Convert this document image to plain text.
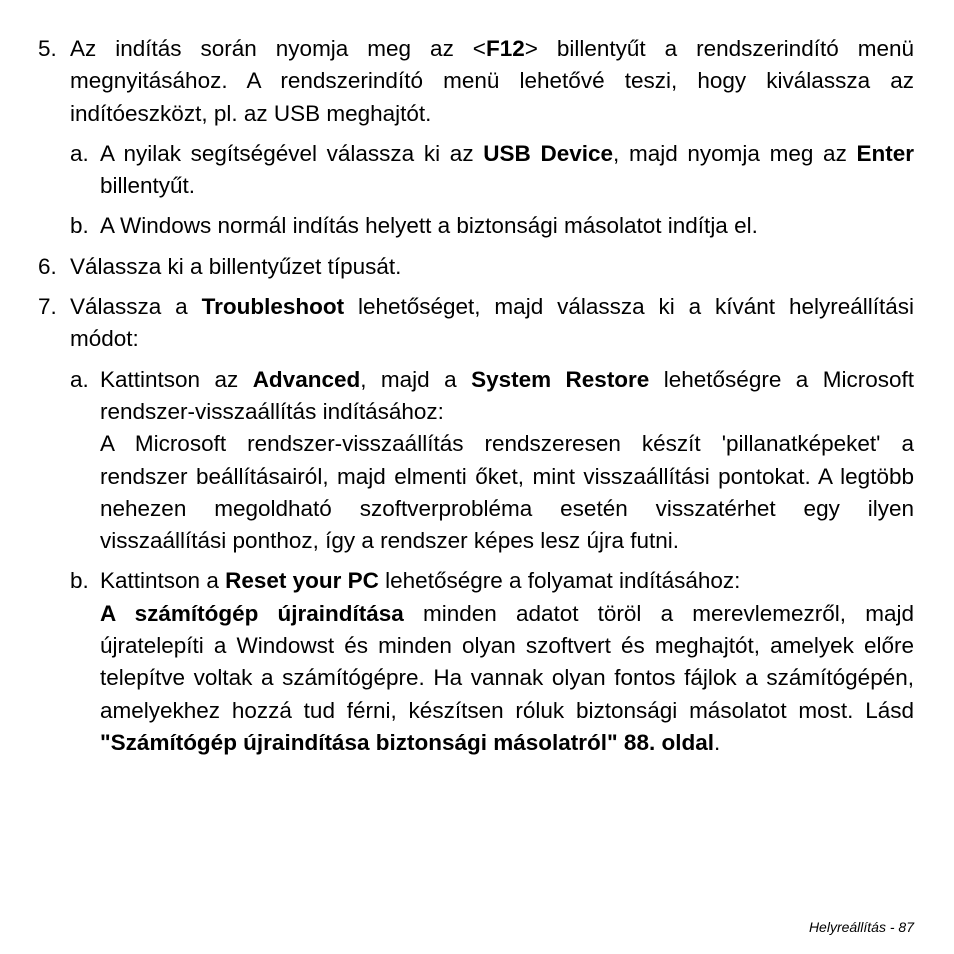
5. Az indítás során nyomja meg az <F12> billentyűt a rendszerindító menü megnyitásához. A rendszerindító menü lehetővé teszi, hogy kiválassza az indítóeszközt, pl. az USB meghajtót.

a. A nyilak segítségével válassza ki az USB Device, majd nyomja meg az Enter billentyűt.

b. A Windows normál indítás helyett a biztonsági másolatot indítja el.

6. Válassza ki a billentyűzet típusát.

7. Válassza a Troubleshoot lehetőséget, majd válassza ki a kívánt helyreállítási módot:

a. Kattintson az Advanced, majd a System Restore lehetőségre a Microsoft rendszer-visszaállítás indításához:

A Microsoft rendszer-visszaállítás rendszeresen készít 'pillanatképeket' a rendszer beállításairól, majd elmenti őket, mint visszaállítási pontokat. A legtöbb nehezen megoldható szoftverprobléma esetén visszatérhet egy ilyen visszaállítási ponthoz, így a rendszer képes lesz újra futni.

b. Kattintson a Reset your PC lehetőségre a folyamat indításához:

A számítógép újraindítása minden adatot töröl a merevlemezről, majd újratelepíti a Windowst és minden olyan szoftvert és meghajtót, amelyek előre telepítve voltak a számítógépre. Ha vannak olyan fontos fájlok a számítógépén, amelyekhez hozzá tud férni, készítsen róluk biztonsági másolatot most. Lásd "Számítógép újraindítása biztonsági másolatról" 88. oldal.

Helyreállítás - 87
